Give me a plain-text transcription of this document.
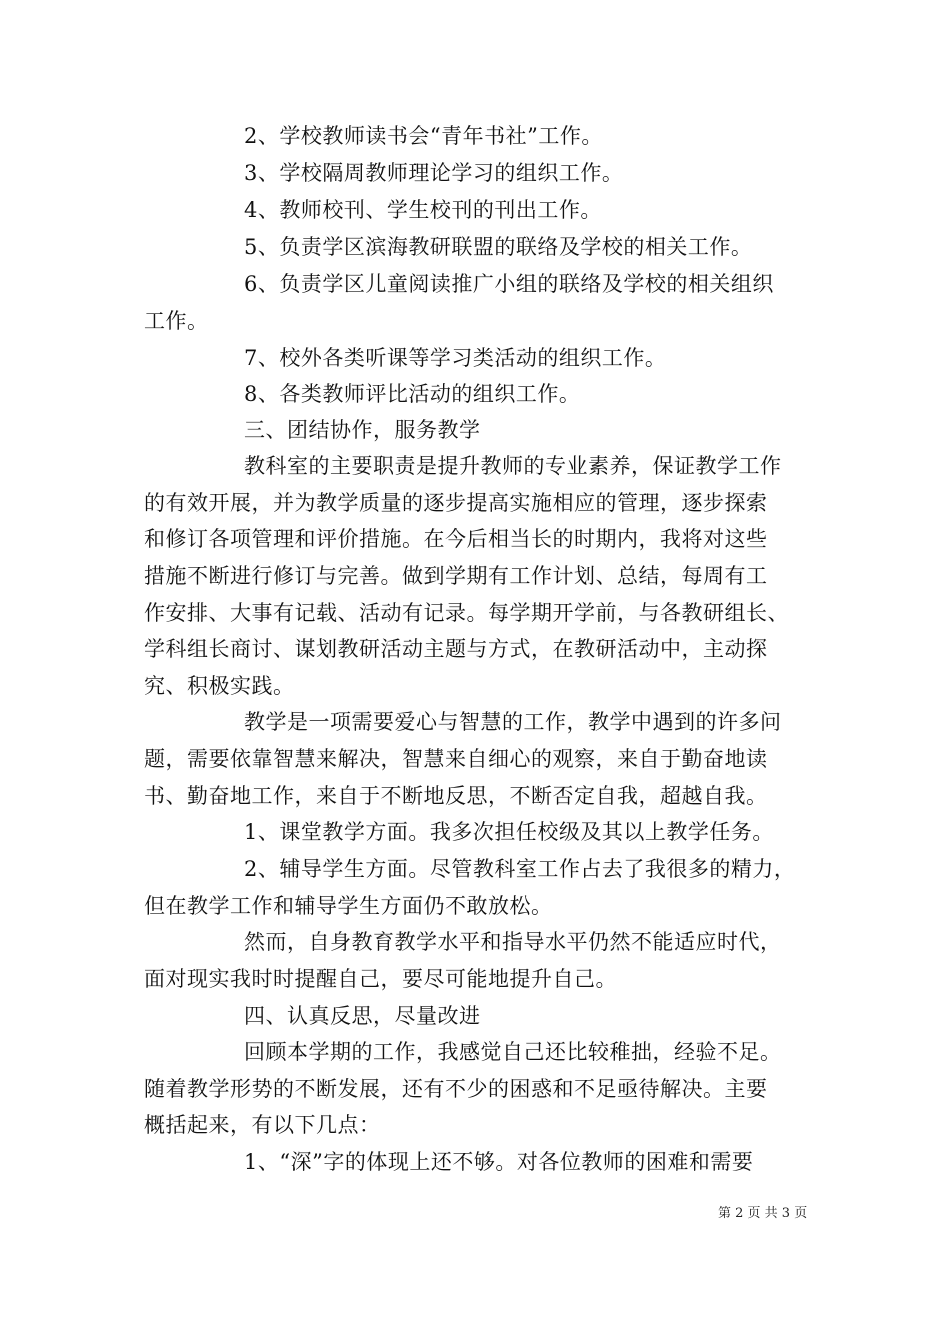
2、学校教师读书会“青年书社”工作。
3、学校隔周教师理论学习的组织工作。
4、教师校刊、学生校刊的刊出工作。
5、负责学区滨海教研联盟的联络及学校的相关工作。
6、负责学区儿童阅读推广小组的联络及学校的相关组织
工作。
7、校外各类听课等学习类活动的组织工作。
8、各类教师评比活动的组织工作。
三、团结协作，服务教学
教科室的主要职责是提升教师的专业素养，保证教学工作
的有效开展，并为教学质量的逐步提高实施相应的管理，逐步探索
和修订各项管理和评价措施。在今后相当长的时期内，我将对这些
措施不断进行修订与完善。做到学期有工作计划、总结，每周有工
作安排、大事有记载、活动有记录。每学期开学前，与各教研组长、
学科组长商讨、谋划教研活动主题与方式，在教研活动中，主动探
究、积极实践。
教学是一项需要爱心与智慧的工作，教学中遇到的许多问
题，需要依靠智慧来解决，智慧来自细心的观察，来自于勤奋地读
书、勤奋地工作，来自于不断地反思，不断否定自我，超越自我。
1、课堂教学方面。我多次担任校级及其以上教学任务。
2、辅导学生方面。尽管教科室工作占去了我很多的精力，
但在教学工作和辅导学生方面仍不敢放松。
然而，自身教育教学水平和指导水平仍然不能适应时代，
面对现实我时时提醒自己，要尽可能地提升自己。
四、认真反思，尽量改进
回顾本学期的工作，我感觉自己还比较稚拙，经验不足。
随着教学形势的不断发展，还有不少的困惑和不足亟待解决。主要
概括起来，有以下几点：
1、“深”字的体现上还不够。对各位教师的困难和需要
第 2 页 共 3 页
